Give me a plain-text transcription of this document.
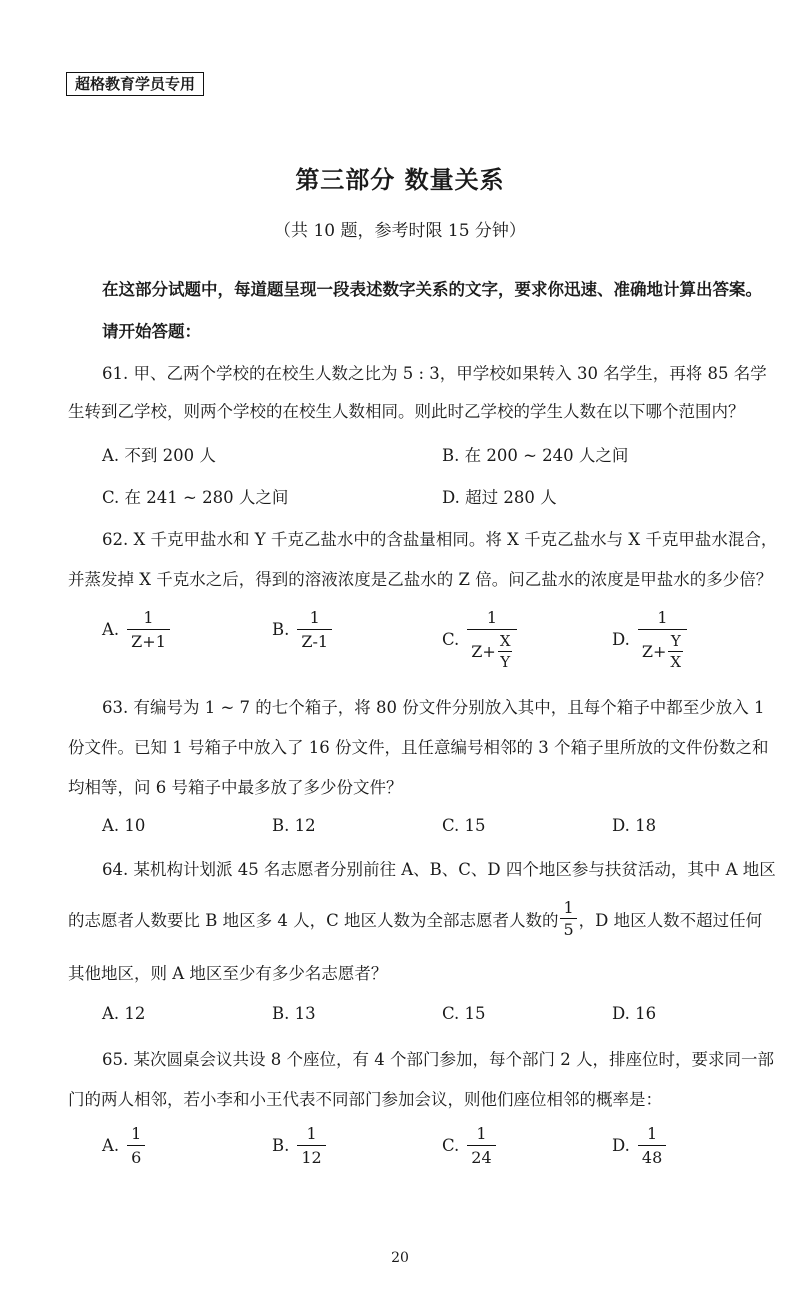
超格教育学员专用
第三部分 数量关系
（共 10 题，参考时限 15 分钟）
在这部分试题中，每道题呈现一段表述数字关系的文字，要求你迅速、准确地计算出答案。
请开始答题：
61. 甲、乙两个学校的在校生人数之比为 5 : 3，甲学校如果转入 30 名学生，再将 85 名学
生转到乙学校，则两个学校的在校生人数相同。则此时乙学校的学生人数在以下哪个范围内？
A. 不到 200 人	B. 在 200 ~ 240 人之间
C. 在 241 ~ 280 人之间	D. 超过 280 人
62. X 千克甲盐水和 Y 千克乙盐水中的含盐量相同。将 X 千克乙盐水与 X 千克甲盐水混合，
并蒸发掉 X 千克水之后，得到的溶液浓度是乙盐水的 Z 倍。问乙盐水的浓度是甲盐水的多少倍？
A. $\frac{1}{Z+1}$	B. $\frac{1}{Z-1}$	C. $\frac{1}{Z+ \frac{X}{Y}}$	D. $\frac{1}{Z+ \frac{Y}{X}}$
63. 有编号为 1 ~ 7 的七个箱子，将 80 份文件分别放入其中，且每个箱子中都至少放入 1
份文件。已知 1 号箱子中放入了 16 份文件，且任意编号相邻的 3 个箱子里所放的文件份数之和
均相等，问 6 号箱子中最多放了多少份文件？
A. 10	B. 12	C. 15	D. 18
64. 某机构计划派 45 名志愿者分别前往 A、B、C、D 四个地区参与扶贫活动，其中 A 地区
的志愿者人数要比 B 地区多 4 人，C 地区人数为全部志愿者人数的 $\frac{1}{5}$ ，D 地区人数不超过任何
其他地区，则 A 地区至少有多少名志愿者？
A. 12	B. 13	C. 15	D. 16
65. 某次圆桌会议共设 8 个座位，有 4 个部门参加，每个部门 2 人，排座位时，要求同一部
门的两人相邻，若小李和小王代表不同部门参加会议，则他们座位相邻的概率是：
A. $\frac{1}{6}$	B. $\frac{1}{12}$	C. $\frac{1}{24}$	D. $\frac{1}{48}$
20
